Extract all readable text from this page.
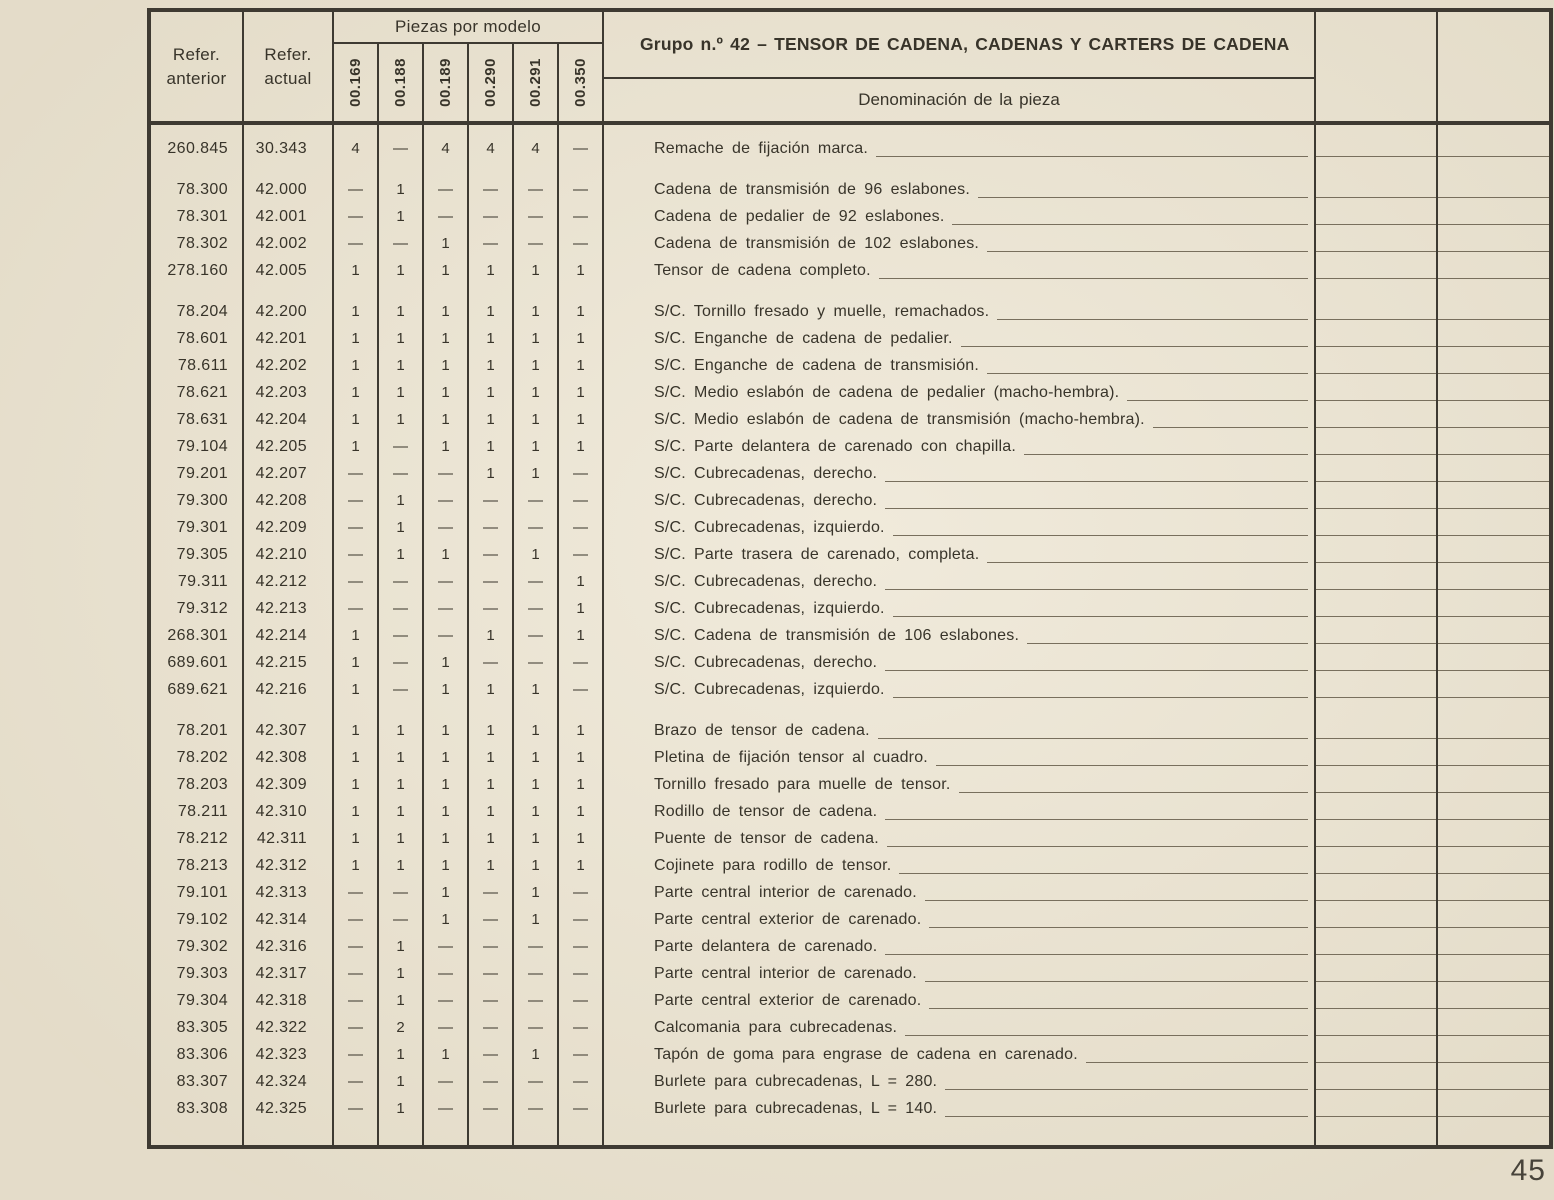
Refer.
anterior
Refer.
actual
Piezas por modelo
00.169 00.188 00.189 00.290 00.291 00.350
Grupo n.º 42 – TENSOR DE CADENA, CADENAS Y CARTERS DE CADENA
Denominación de la pieza
260.845	30.343	4	—	4	4	4	—	Remache de fijación marca.
78.300	42.000	—	1	—	—	—	—	Cadena de transmisión de 96 eslabones.
78.301	42.001	—	1	—	—	—	—	Cadena de pedalier de 92 eslabones.
78.302	42.002	—	—	1	—	—	—	Cadena de transmisión de 102 eslabones.
278.160	42.005	1	1	1	1	1	1	Tensor de cadena completo.
78.204	42.200	1	1	1	1	1	1	S/C. Tornillo fresado y muelle, remachados.
78.601	42.201	1	1	1	1	1	1	S/C. Enganche de cadena de pedalier.
78.611	42.202	1	1	1	1	1	1	S/C. Enganche de cadena de transmisión.
78.621	42.203	1	1	1	1	1	1	S/C. Medio eslabón de cadena de pedalier (macho-hembra).
78.631	42.204	1	1	1	1	1	1	S/C. Medio eslabón de cadena de transmisión (macho-hembra).
79.104	42.205	1	—	1	1	1	1	S/C. Parte delantera de carenado con chapilla.
79.201	42.207	—	—	—	1	1	—	S/C. Cubrecadenas, derecho.
79.300	42.208	—	1	—	—	—	—	S/C. Cubrecadenas, derecho.
79.301	42.209	—	1	—	—	—	—	S/C. Cubrecadenas, izquierdo.
79.305	42.210	—	1	1	—	1	—	S/C. Parte trasera de carenado, completa.
79.311	42.212	—	—	—	—	—	1	S/C. Cubrecadenas, derecho.
79.312	42.213	—	—	—	—	—	1	S/C. Cubrecadenas, izquierdo.
268.301	42.214	1	—	—	1	—	1	S/C. Cadena de transmisión de 106 eslabones.
689.601	42.215	1	—	1	—	—	—	S/C. Cubrecadenas, derecho.
689.621	42.216	1	—	1	1	1	—	S/C. Cubrecadenas, izquierdo.
78.201	42.307	1	1	1	1	1	1	Brazo de tensor de cadena.
78.202	42.308	1	1	1	1	1	1	Pletina de fijación tensor al cuadro.
78.203	42.309	1	1	1	1	1	1	Tornillo fresado para muelle de tensor.
78.211	42.310	1	1	1	1	1	1	Rodillo de tensor de cadena.
78.212	42.311	1	1	1	1	1	1	Puente de tensor de cadena.
78.213	42.312	1	1	1	1	1	1	Cojinete para rodillo de tensor.
79.101	42.313	—	—	1	—	1	—	Parte central interior de carenado.
79.102	42.314	—	—	1	—	1	—	Parte central exterior de carenado.
79.302	42.316	—	1	—	—	—	—	Parte delantera de carenado.
79.303	42.317	—	1	—	—	—	—	Parte central interior de carenado.
79.304	42.318	—	1	—	—	—	—	Parte central exterior de carenado.
83.305	42.322	—	2	—	—	—	—	Calcomania para cubrecadenas.
83.306	42.323	—	1	1	—	1	—	Tapón de goma para engrase de cadena en carenado.
83.307	42.324	—	1	—	—	—	—	Burlete para cubrecadenas, L = 280.
83.308	42.325	—	1	—	—	—	—	Burlete para cubrecadenas, L = 140.
45
